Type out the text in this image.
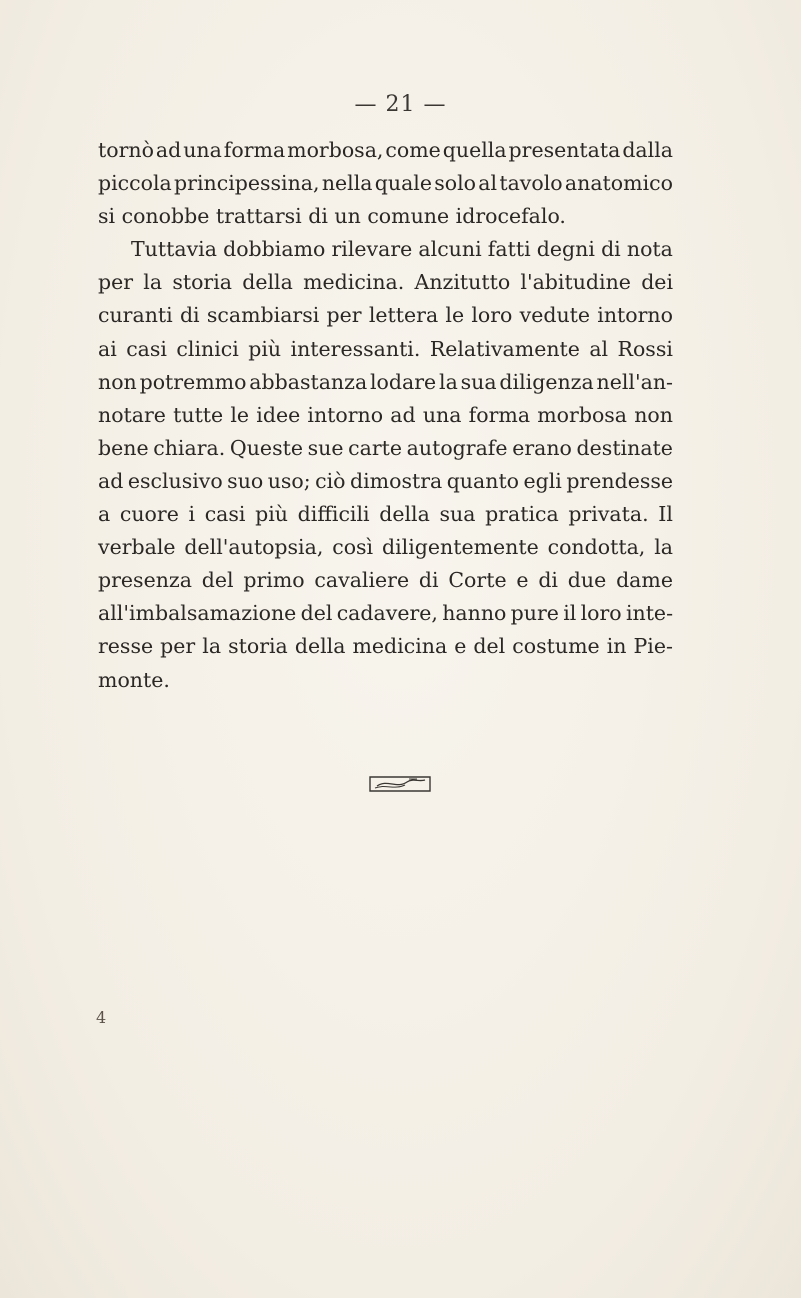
— 21 —
tornò ad una forma morbosa, come quella presentata dalla
piccola principessina, nella quale solo al tavolo anatomico
si conobbe trattarsi di un comune idrocefalo.
Tuttavia dobbiamo rilevare alcuni fatti degni di nota
per la storia della medicina. Anzitutto l'abitudine dei
curanti di scambiarsi per lettera le loro vedute intorno
ai casi clinici più interessanti. Relativamente al Rossi
non potremmo abbastanza lodare la sua diligenza nell'an-
notare tutte le idee intorno ad una forma morbosa non
bene chiara. Queste sue carte autografe erano destinate
ad esclusivo suo uso; ciò dimostra quanto egli prendesse
a cuore i casi più difficili della sua pratica privata. Il
verbale dell'autopsia, così diligentemente condotta, la
presenza del primo cavaliere di Corte e di due dame
all'imbalsamazione del cadavere, hanno pure il loro inte-
resse per la storia della medicina e del costume in Pie-
monte.
4
